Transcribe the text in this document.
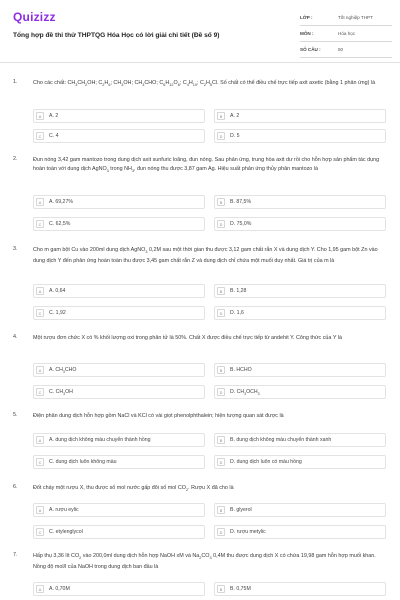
Quizizz
Tổng hợp đề thi thử THPTQG Hóa Học có lời giải chi tiết (Đề số 9)
LỚP :	Tốt nghiệp THPT
MÔN :	Hóa học
SỐ CÂU :	50
1.	Cho các chất: $CH_3CH_2OH$; $C_2H_6$; $CH_3OH$; $CH_3CHO$; $C_6H_{12}O_6$; $C_4H_{10}$; $C_2H_5Cl$. Số chất có thể điều chế trực tiếp axit axetic (bằng 1 phản ứng) là
A	A. 2	B	A. 2
C	C. 4	D	D. 5
2.	Đun nóng 3,42 gam mantozo trong dung dịch axit sunfuric loãng, đun nóng. Sau phản ứng, trung hòa axit dư rồi cho hỗn hợp sản phẩm tác dụng hoàn toàn với dung dịch AgNO$_3$ trong $NH_3$, đun nóng thu được 3,87 gam Ag. Hiệu suất phản ứng thủy phân mantozo là
A	A. 69,27%	B	B. 87,5%
C	C. 62,5%	D	D. 75,0%
3.	Cho m gam bột Cu vào 200ml dung dịch AgNO$_3$ 0,2M sau một thời gian thu được 3,12 gam chất rắn X và dung dịch Y. Cho 1,95 gam bột Zn vào dung dịch Y đến phản ứng hoàn toàn thu được 3,45 gam chất rắn Z và dung dịch chỉ chứa một muối duy nhất. Giá trị của m là
A	A. 0,64	B	B. 1,28
C	C. 1,92	D	D. 1,6
4.	Một rượu đơn chức X có % khối lượng oxi trong phân tử là 50%. Chất X được điều chế trực tiếp từ andehit Y. Công thức của Y là
A	A. $CH_3CHO$	B	B. HCHO
C	C. $CH_3OH$	D	D. $CH_3OCH_3$
5.	Điện phân dung dịch hỗn hợp gồm NaCl và KCl có vài giọt phenolphthalein; hiện tượng quan sát được là
A	A. dung dịch không màu chuyển thành hồng	B	B. dung dịch không màu chuyển thành xanh
C	C. dung dịch luôn không màu	D	D. dung dịch luôn có màu hồng
6.	Đốt cháy một rượu X, thu được số mol nước gấp đôi số mol $CO_2$. Rượu X đã cho là
A	A. rượu eylic	B	B. glyerol
C	C. etylenglycol	D	D. rượu metylic
7.	Hấp thụ 3,36 lít $CO_2$ vào 200,0ml dung dịch hỗn hợp NaOH xM và $Na_2CO_3$ 0,4M thu được dung dịch X có chứa 19,98 gam hỗn hợp muối khan. Nồng độ mol/l của NaOH trong dung dịch ban đầu là
A	A. 0,70M	B	B. 0,75M
